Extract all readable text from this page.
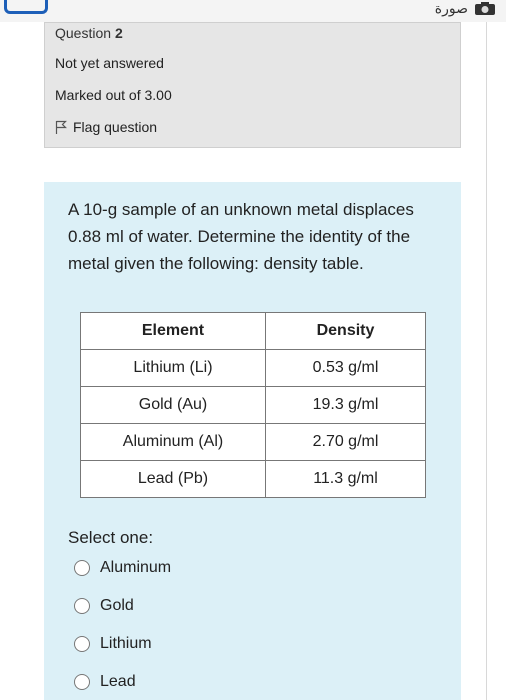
صورة
Question 2
Not yet answered
Marked out of 3.00
Flag question

A 10-g sample of an unknown metal displaces 0.88 ml of water. Determine the identity of the metal given the following: density table.

Element	Density
Lithium (Li)	0.53 g/ml
Gold (Au)	19.3 g/ml
Aluminum (Al)	2.70 g/ml
Lead (Pb)	11.3 g/ml
Select one:
Aluminum
Gold
Lithium
Lead
